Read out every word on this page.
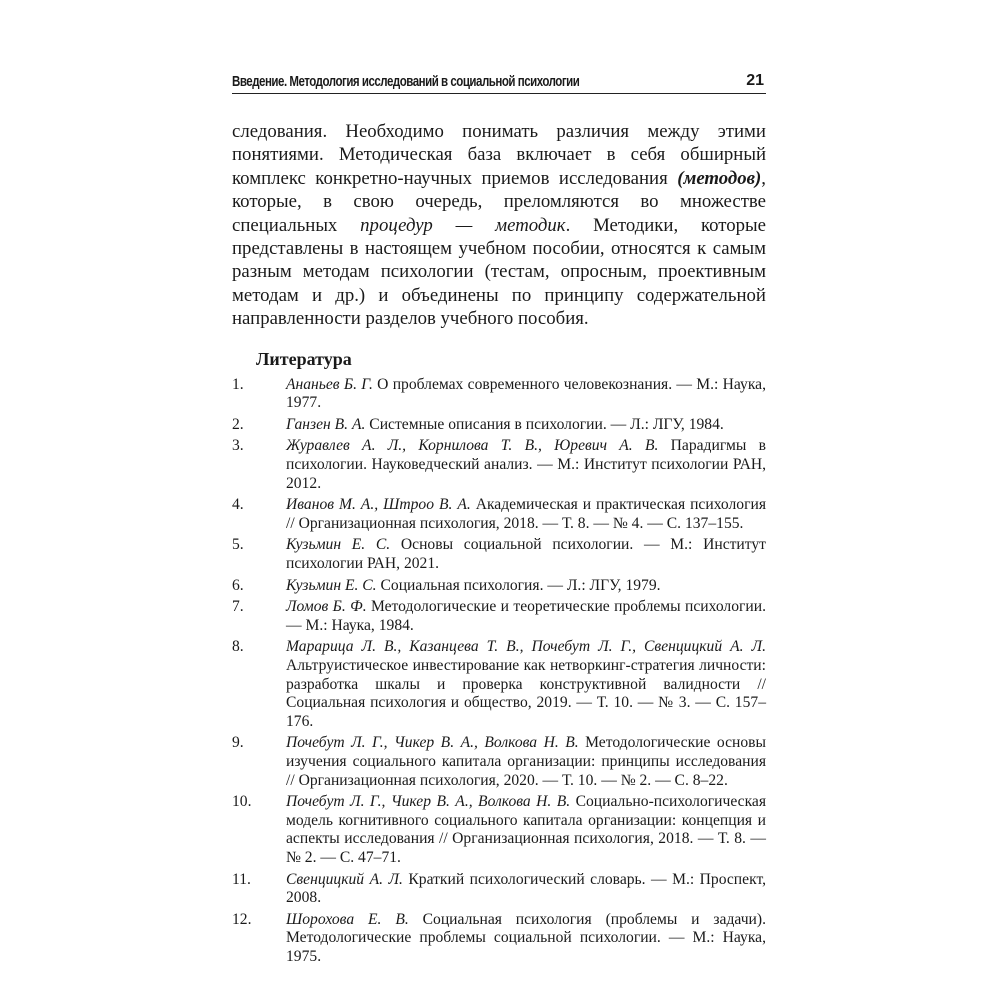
Введение. Методология исследований в социальной психологии	21

следования. Необходимо понимать различия между этими понятиями. Методическая база включает в себя обширный комплекс конкретно-научных приемов исследования (методов), которые, в свою очередь, преломляются во множестве специальных процедур — методик. Методики, которые представлены в настоящем учебном пособии, относятся к самым разным методам психологии (тестам, опросным, проективным методам и др.) и объединены по принципу содержательной направленности разделов учебного пособия.

Литература
1.	Ананьев Б. Г. О проблемах современного человекознания. — М.: Наука, 1977.
2.	Ганзен В. А. Системные описания в психологии. — Л.: ЛГУ, 1984.
3.	Журавлев А. Л., Корнилова Т. В., Юревич А. В. Парадигмы в психологии. Науковедческий анализ. — М.: Институт психологии РАН, 2012.
4.	Иванов М. А., Штроо В. А. Академическая и практическая психология // Организационная психология, 2018. — Т. 8. — № 4. — С. 137–155.
5.	Кузьмин Е. С. Основы социальной психологии. — М.: Институт психологии РАН, 2021.
6.	Кузьмин Е. С. Социальная психология. — Л.: ЛГУ, 1979.
7.	Ломов Б. Ф. Методологические и теоретические проблемы психологии. — М.: Наука, 1984.
8.	Марарица Л. В., Казанцева Т. В., Почебут Л. Г., Свенцицкий А. Л. Альтруистическое инвестирование как нетворкинг-стратегия личности: разработка шкалы и проверка конструктивной валидности // Социальная психология и общество, 2019. — Т. 10. — № 3. — С. 157–176.
9.	Почебут Л. Г., Чикер В. А., Волкова Н. В. Методологические основы изучения социального капитала организации: принципы исследования // Организационная психология, 2020. — Т. 10. — № 2. — С. 8–22.
10.	Почебут Л. Г., Чикер В. А., Волкова Н. В. Социально-психологическая модель когнитивного социального капитала организации: концепция и аспекты исследования // Организационная психология, 2018. — Т. 8. — № 2. — С. 47–71.
11.	Свенцицкий А. Л. Краткий психологический словарь. — М.: Проспект, 2008.
12.	Шорохова Е. В. Социальная психология (проблемы и задачи). Методологические проблемы социальной психологии. — М.: Наука, 1975.
